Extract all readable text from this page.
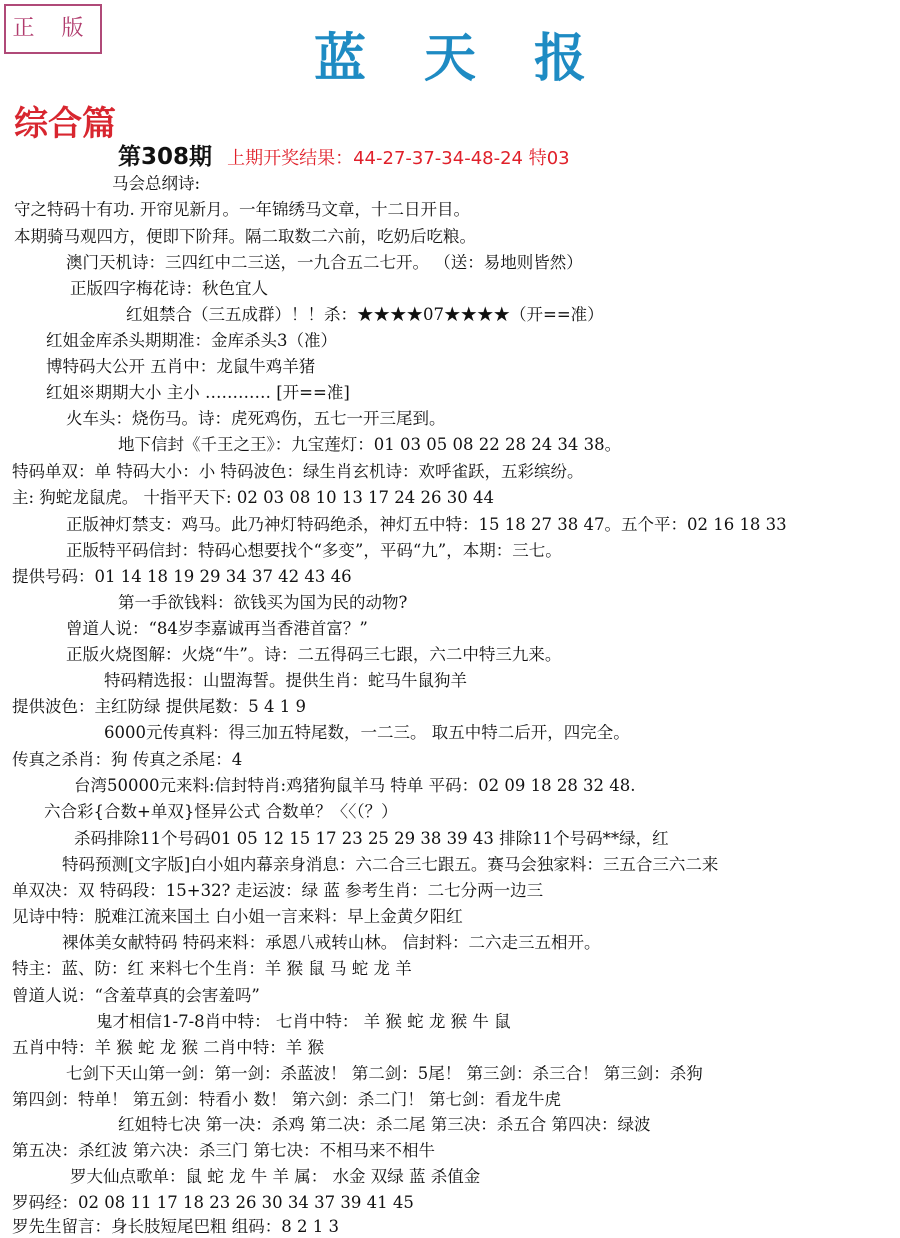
正 版	蓝天报
综合篇
第308期 上期开奖结果：44-27-37-34-48-24 特03
马会总纲诗:
守之特码十有功. 开帘见新月。一年锦绣马文章，十二日开目。
本期骑马观四方，便即下阶拜。隔二取数二六前，吃奶后吃粮。
澳门天机诗：三四红中二三送，一九合五二七开。 （送：易地则皆然）
正版四字梅花诗：秋色宜人
红姐禁合（三五成群）！！杀：★★★★07★★★★（开==准）
红姐金库杀头期期准：金库杀头3（准）
博特码大公开 五肖中：龙鼠牛鸡羊猪
红姐※期期大小 主小 ………… [开==准]
火车头：烧伤马。诗：虎死鸡伤，五七一开三尾到。
地下信封《千王之王》：九宝莲灯：01 03 05 08 22 28 24 34 38。
特码单双：单 特码大小：小 特码波色：绿生肖玄机诗：欢呼雀跃，五彩缤纷。
主: 狗蛇龙鼠虎。 十指平天下: 02 03 08 10 13 17 24 26 30 44
正版神灯禁支：鸡马。此乃神灯特码绝杀，神灯五中特：15 18 27 38 47。五个平：02 16 18 33
正版特平码信封：特码心想要找个“多变”，平码“九”，本期：三七。
提供号码：01 14 18 19 29 34 37 42 43 46
第一手欲钱料：欲钱买为国为民的动物?
曾道人说：“84岁李嘉诚再当香港首富？”
正版火烧图解：火烧“牛”。诗：二五得码三七跟，六二中特三九来。
特码精选报：山盟海誓。提供生肖：蛇马牛鼠狗羊
提供波色：主红防绿 提供尾数：5 4 1 9
6000元传真料：得三加五特尾数，一二三。 取五中特二后开，四完全。
传真之杀肖：狗 传真之杀尾：4
台湾50000元来料:信封特肖:鸡猪狗鼠羊马 特单 平码：02 09 18 28 32 48.
六合彩{合数+单双}怪异公式 合数单？〈〈（？）
杀码排除11个号码01 05 12 15 17 23 25 29 38 39 43 排除11个号码**绿，红
特码预测[文字版]白小姐内幕亲身消息：六二合三七跟五。赛马会独家料：三五合三六二来
单双决：双 特码段：15+32? 走运波：绿 蓝 参考生肖：二七分两一边三
见诗中特：脱难江流来国土 白小姐一言来料：早上金黄夕阳红
裸体美女献特码 特码来料：承恩八戒转山林。 信封料：二六走三五相开。
特主：蓝、防：红 来料七个生肖：羊 猴 鼠 马 蛇 龙 羊
曾道人说：“含羞草真的会害羞吗”
鬼才相信1-7-8肖中特： 七肖中特： 羊 猴 蛇 龙 猴 牛 鼠
五肖中特：羊 猴 蛇 龙 猴 二肖中特：羊 猴
七剑下天山第一剑：第一剑：杀蓝波！ 第二剑：5尾！ 第三剑：杀三合！ 第三剑：杀狗
第四剑：特单！ 第五剑：特看小 数！ 第六剑：杀二门！ 第七剑：看龙牛虎
红姐特七决 第一决：杀鸡 第二决：杀二尾 第三决：杀五合 第四决：绿波
第五决：杀红波 第六决：杀三门 第七决：不相马来不相牛
罗大仙点歌单：鼠 蛇 龙 牛 羊 属： 水金 双绿 蓝 杀值金
罗码经：02 08 11 17 18 23 26 30 34 37 39 41 45
罗先生留言：身长肢短尾巴粗 组码：8 2 1 3
